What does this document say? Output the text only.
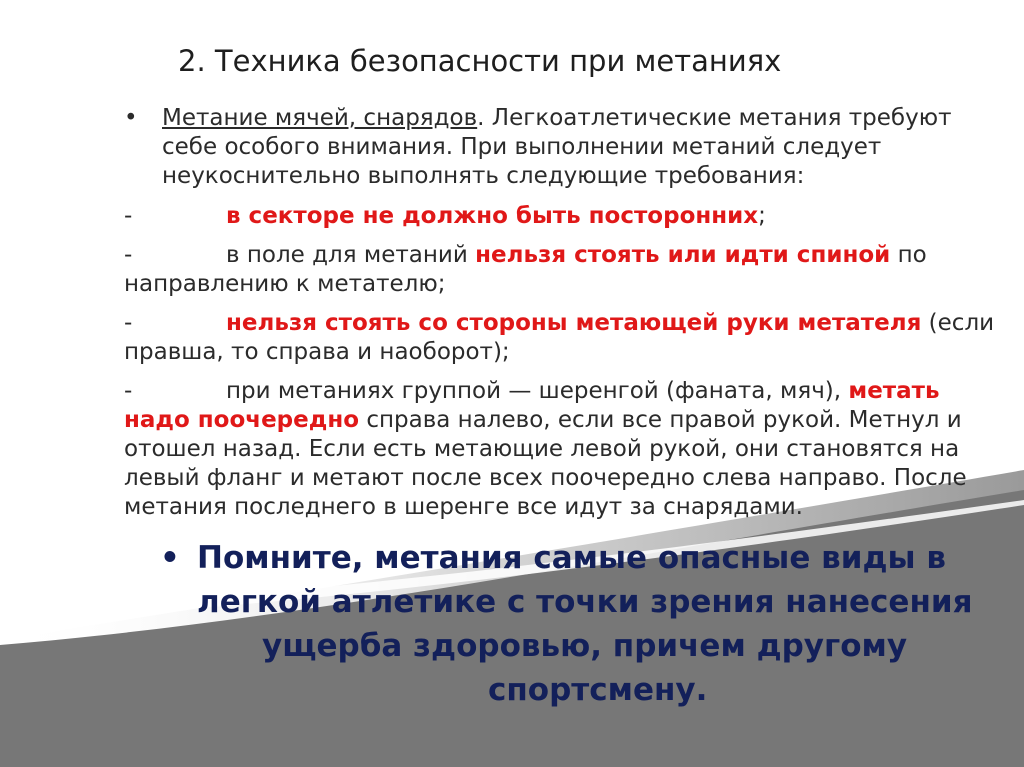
2. Техника безопасности при метаниях
• Метание мячей, снарядов. Легкоатлетические метания требуют
себе особого внимания. При выполнении метаний следует
неукоснительно выполнять следующие требования:
-	в секторе не должно быть посторонних;
-	в поле для метаний нельзя стоять или идти спиной по
направлению к метателю;
-	нельзя стоять со стороны метающей руки метателя (если
правша, то справа и наоборот);
-	при метаниях группой — шеренгой (фаната, мяч), метать
надо поочередно справа налево, если все правой рукой. Метнул и
отошел назад. Если есть метающие левой рукой, они становятся на
левый фланг и метают после всех поочередно слева направо. После
метания последнего в шеренге все идут за снарядами.
• Помните, метания самые опасные виды в
легкой атлетике с точки зрения нанесения
ущерба здоровью, причем другому
спортсмену.
